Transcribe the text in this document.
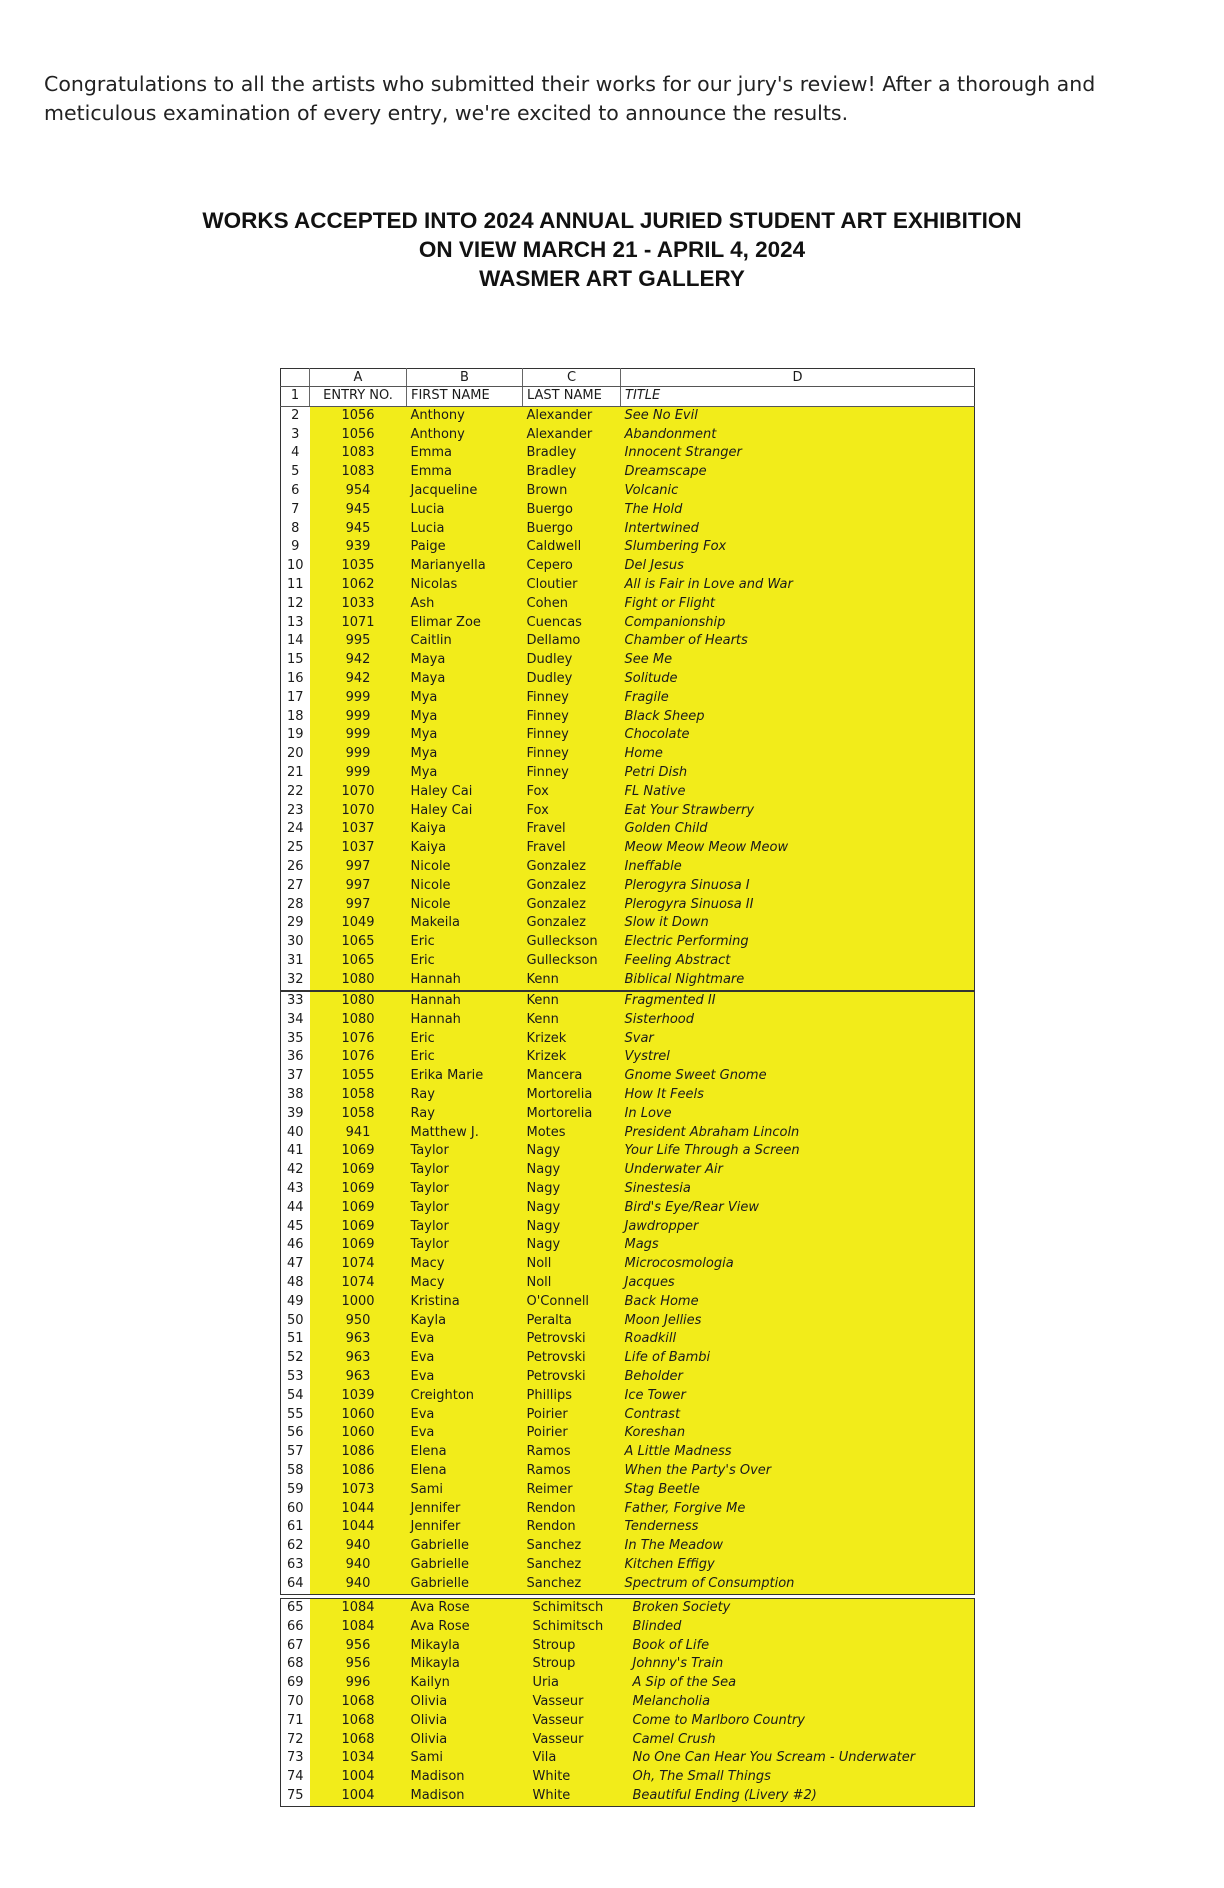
Congratulations to all the artists who submitted their works for our jury's review! After a thorough and meticulous examination of every entry, we're excited to announce the results.

WORKS ACCEPTED INTO 2024 ANNUAL JURIED STUDENT ART EXHIBITION
ON VIEW MARCH 21 - APRIL 4, 2024
WASMER ART GALLERY
	A	B	C	D
1	ENTRY NO.	FIRST NAME	LAST NAME	TITLE
2	1056	Anthony	Alexander	See No Evil
3	1056	Anthony	Alexander	Abandonment
4	1083	Emma	Bradley	Innocent Stranger
5	1083	Emma	Bradley	Dreamscape
6	954	Jacqueline	Brown	Volcanic
7	945	Lucia	Buergo	The Hold
8	945	Lucia	Buergo	Intertwined
9	939	Paige	Caldwell	Slumbering Fox
10	1035	Marianyella	Cepero	Del Jesus
11	1062	Nicolas	Cloutier	All is Fair in Love and War
12	1033	Ash	Cohen	Fight or Flight
13	1071	Elimar Zoe	Cuencas	Companionship
14	995	Caitlin	Dellamo	Chamber of Hearts
15	942	Maya	Dudley	See Me
16	942	Maya	Dudley	Solitude
17	999	Mya	Finney	Fragile
18	999	Mya	Finney	Black Sheep
19	999	Mya	Finney	Chocolate
20	999	Mya	Finney	Home
21	999	Mya	Finney	Petri Dish
22	1070	Haley Cai	Fox	FL Native
23	1070	Haley Cai	Fox	Eat Your Strawberry
24	1037	Kaiya	Fravel	Golden Child
25	1037	Kaiya	Fravel	Meow Meow Meow Meow
26	997	Nicole	Gonzalez	Ineffable
27	997	Nicole	Gonzalez	Plerogyra Sinuosa I
28	997	Nicole	Gonzalez	Plerogyra Sinuosa II
29	1049	Makeila	Gonzalez	Slow it Down
30	1065	Eric	Gulleckson	Electric Performing
31	1065	Eric	Gulleckson	Feeling Abstract
32	1080	Hannah	Kenn	Biblical Nightmare
33	1080	Hannah	Kenn	Fragmented II
34	1080	Hannah	Kenn	Sisterhood
35	1076	Eric	Krizek	Svar
36	1076	Eric	Krizek	Vystrel
37	1055	Erika Marie	Mancera	Gnome Sweet Gnome
38	1058	Ray	Mortorelia	How It Feels
39	1058	Ray	Mortorelia	In Love
40	941	Matthew J.	Motes	President Abraham Lincoln
41	1069	Taylor	Nagy	Your Life Through a Screen
42	1069	Taylor	Nagy	Underwater Air
43	1069	Taylor	Nagy	Sinestesia
44	1069	Taylor	Nagy	Bird's Eye/Rear View
45	1069	Taylor	Nagy	Jawdropper
46	1069	Taylor	Nagy	Mags
47	1074	Macy	Noll	Microcosmologia
48	1074	Macy	Noll	Jacques
49	1000	Kristina	O'Connell	Back Home
50	950	Kayla	Peralta	Moon Jellies
51	963	Eva	Petrovski	Roadkill
52	963	Eva	Petrovski	Life of Bambi
53	963	Eva	Petrovski	Beholder
54	1039	Creighton	Phillips	Ice Tower
55	1060	Eva	Poirier	Contrast
56	1060	Eva	Poirier	Koreshan
57	1086	Elena	Ramos	A Little Madness
58	1086	Elena	Ramos	When the Party's Over
59	1073	Sami	Reimer	Stag Beetle
60	1044	Jennifer	Rendon	Father, Forgive Me
61	1044	Jennifer	Rendon	Tenderness
62	940	Gabrielle	Sanchez	In The Meadow
63	940	Gabrielle	Sanchez	Kitchen Effigy
64	940	Gabrielle	Sanchez	Spectrum of Consumption
65	1084	Ava Rose	Schimitsch	Broken Society
66	1084	Ava Rose	Schimitsch	Blinded
67	956	Mikayla	Stroup	Book of Life
68	956	Mikayla	Stroup	Johnny's Train
69	996	Kailyn	Uria	A Sip of the Sea
70	1068	Olivia	Vasseur	Melancholia
71	1068	Olivia	Vasseur	Come to Marlboro Country
72	1068	Olivia	Vasseur	Camel Crush
73	1034	Sami	Vila	No One Can Hear You Scream - Underwater
74	1004	Madison	White	Oh, The Small Things
75	1004	Madison	White	Beautiful Ending (Livery #2)
